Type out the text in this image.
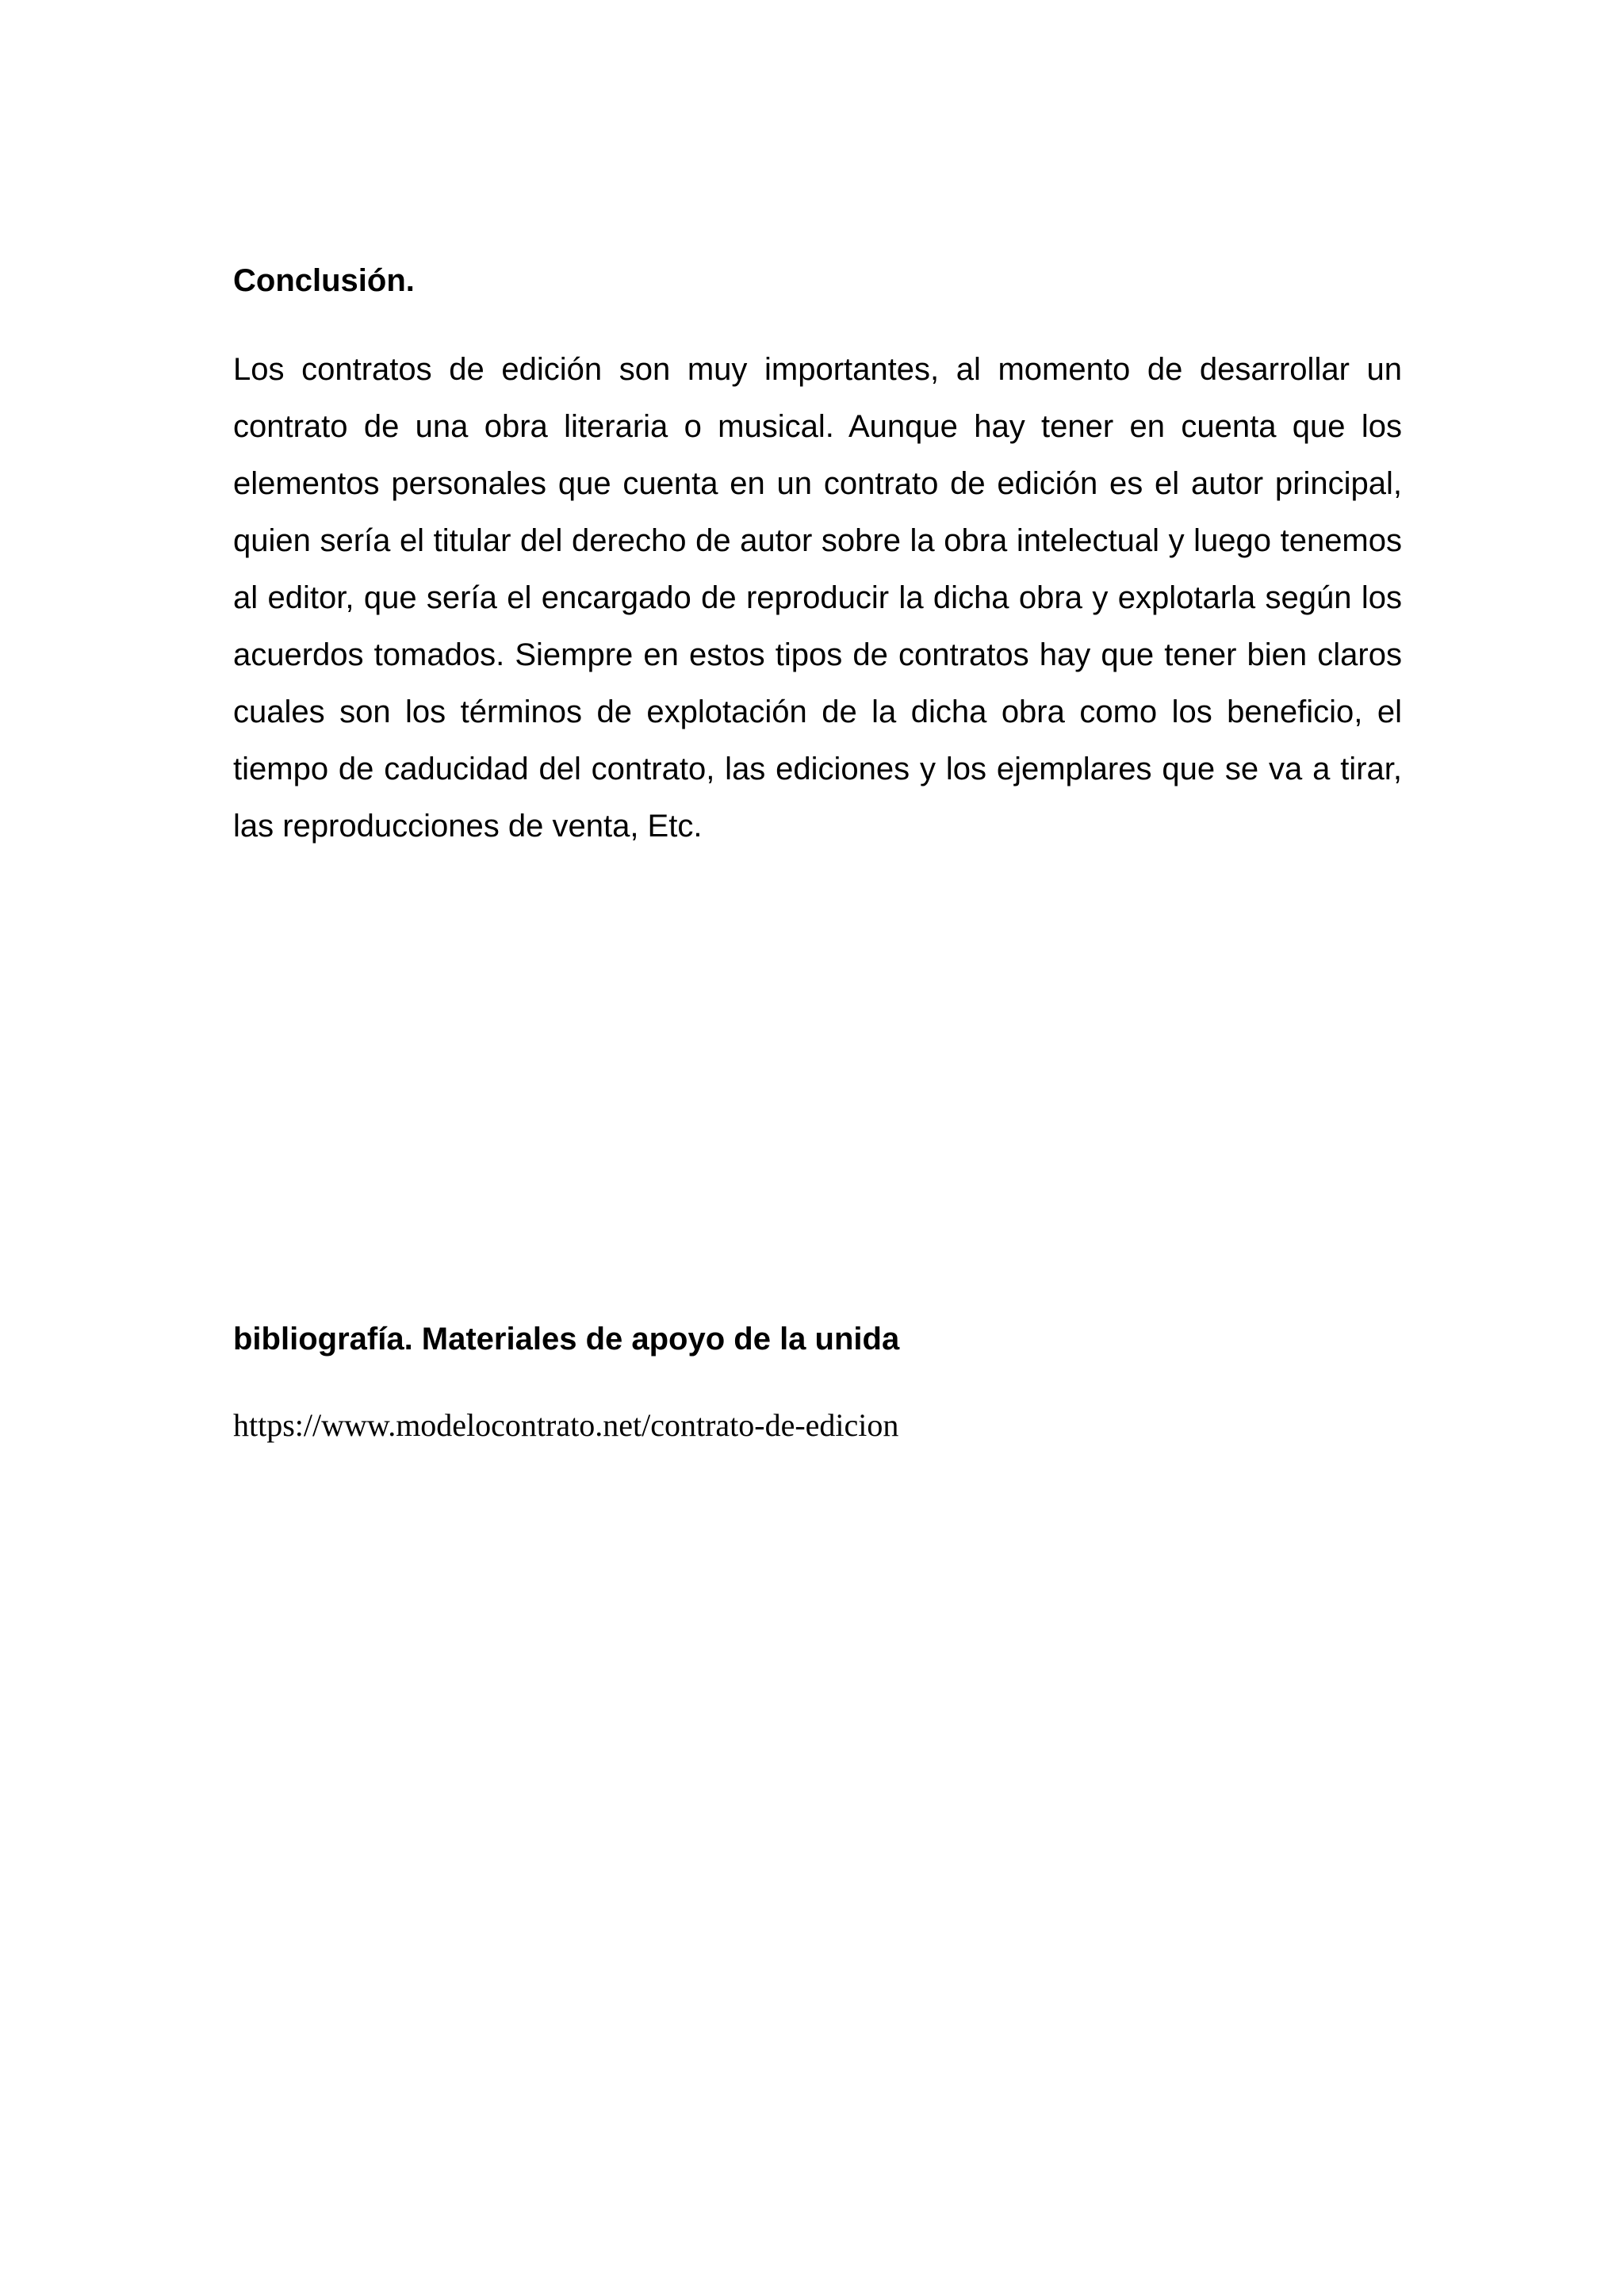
Conclusión.

Los contratos de edición son muy importantes, al momento de desarrollar un contrato de una obra literaria o musical. Aunque hay tener en cuenta que los elementos personales que cuenta en un contrato de edición es el autor principal, quien sería el titular del derecho de autor sobre la obra intelectual y luego tenemos al editor, que sería el encargado de reproducir la dicha obra y explotarla según los acuerdos tomados. Siempre en estos tipos de contratos hay que tener bien claros cuales son los términos de explotación de la dicha obra como los beneficio, el tiempo de caducidad del contrato, las ediciones y los ejemplares que se va a tirar, las reproducciones de venta, Etc.

bibliografía. Materiales de apoyo de la unida

https://www.modelocontrato.net/contrato-de-edicion
